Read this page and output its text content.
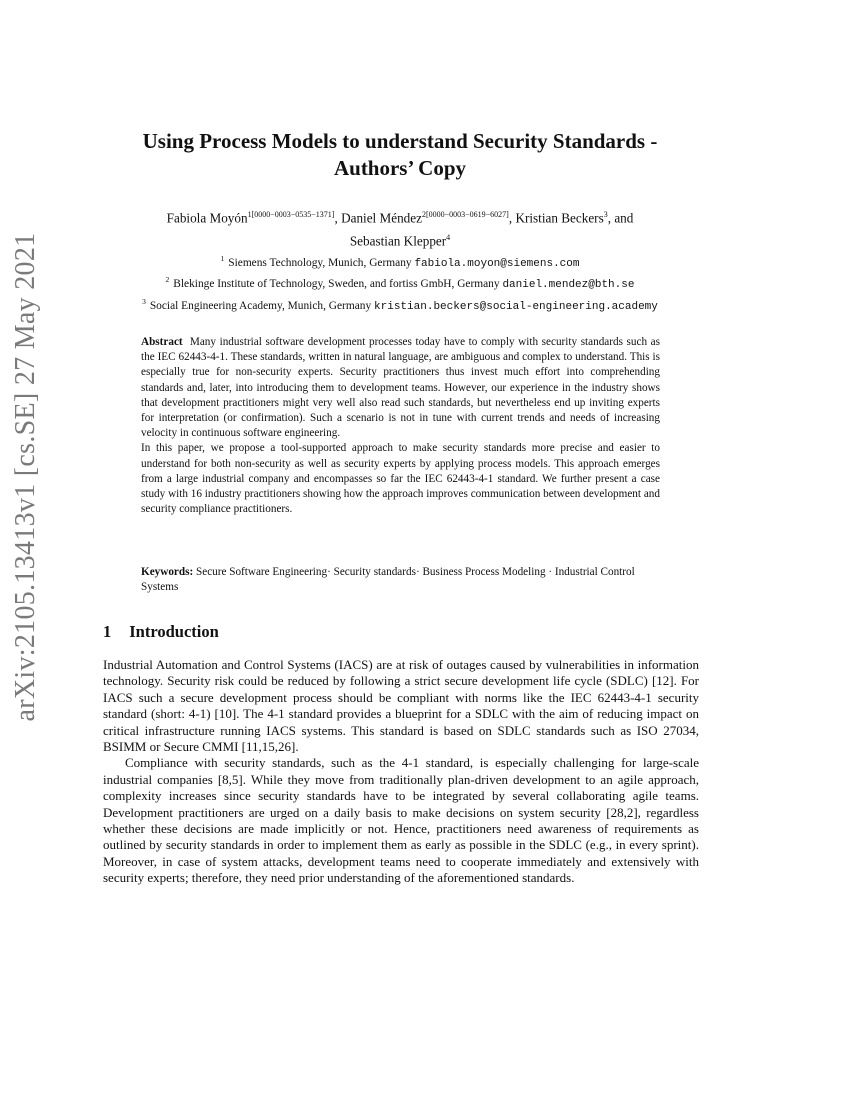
arXiv:2105.13413v1 [cs.SE] 27 May 2021
Using Process Models to understand Security Standards -
Authors’ Copy
Fabiola Moyón$^{1[0000-0003-0535-1371]}$, Daniel Méndez$^{2[0000-0003-0619-6027]}$, Kristian Beckers$^3$, and
Sebastian Klepper$^4$
$^1$ Siemens Technology, Munich, Germany fabiola.moyon@siemens.com
$^2$ Blekinge Institute of Technology, Sweden, and fortiss GmbH, Germany daniel.mendez@bth.se
$^3$ Social Engineering Academy, Munich, Germany kristian.beckers@social-engineering.academy

Abstract Many industrial software development processes today have to comply with security standards such as the IEC 62443-4-1. These standards, written in natural language, are ambiguous and complex to understand. This is especially true for non-security experts. Security practitioners thus invest much effort into comprehending standards and, later, into introducing them to development teams. However, our experience in the industry shows that development practitioners might very well also read such standards, but nevertheless end up inviting experts for interpretation (or confirmation). Such a scenario is not in tune with current trends and needs of increasing velocity in continuous software engineering.

In this paper, we propose a tool-supported approach to make security standards more precise and easier to understand for both non-security as well as security experts by applying process models. This approach emerges from a large industrial company and encompasses so far the IEC 62443-4-1 standard. We further present a case study with 16 industry practitioners showing how the approach improves communication between development and security compliance practitioners.

Keywords: Secure Software Engineering· Security standards· Business Process Modeling · Industrial Control Systems
1 Introduction

Industrial Automation and Control Systems (IACS) are at risk of outages caused by vulnerabilities in information technology. Security risk could be reduced by following a strict secure development life cycle (SDLC) [12]. For IACS such a secure development process should be compliant with norms like the IEC 62443-4-1 security standard (short: 4-1) [10]. The 4-1 standard provides a blueprint for a SDLC with the aim of reducing impact on critical infrastructure running IACS systems. This standard is based on SDLC standards such as ISO 27034, BSIMM or Secure CMMI [11,15,26].

Compliance with security standards, such as the 4-1 standard, is especially challenging for large-scale industrial companies [8,5]. While they move from traditionally plan-driven development to an agile approach, complexity increases since security standards have to be integrated by several collaborating agile teams. Development practitioners are urged on a daily basis to make decisions on system security [28,2], regardless whether these decisions are made implicitly or not. Hence, practitioners need awareness of requirements as outlined by security standards in order to implement them as early as possible in the SDLC (e.g., in every sprint). Moreover, in case of system attacks, development teams need to cooperate immediately and extensively with security experts; therefore, they need prior understanding of the aforementioned standards.
